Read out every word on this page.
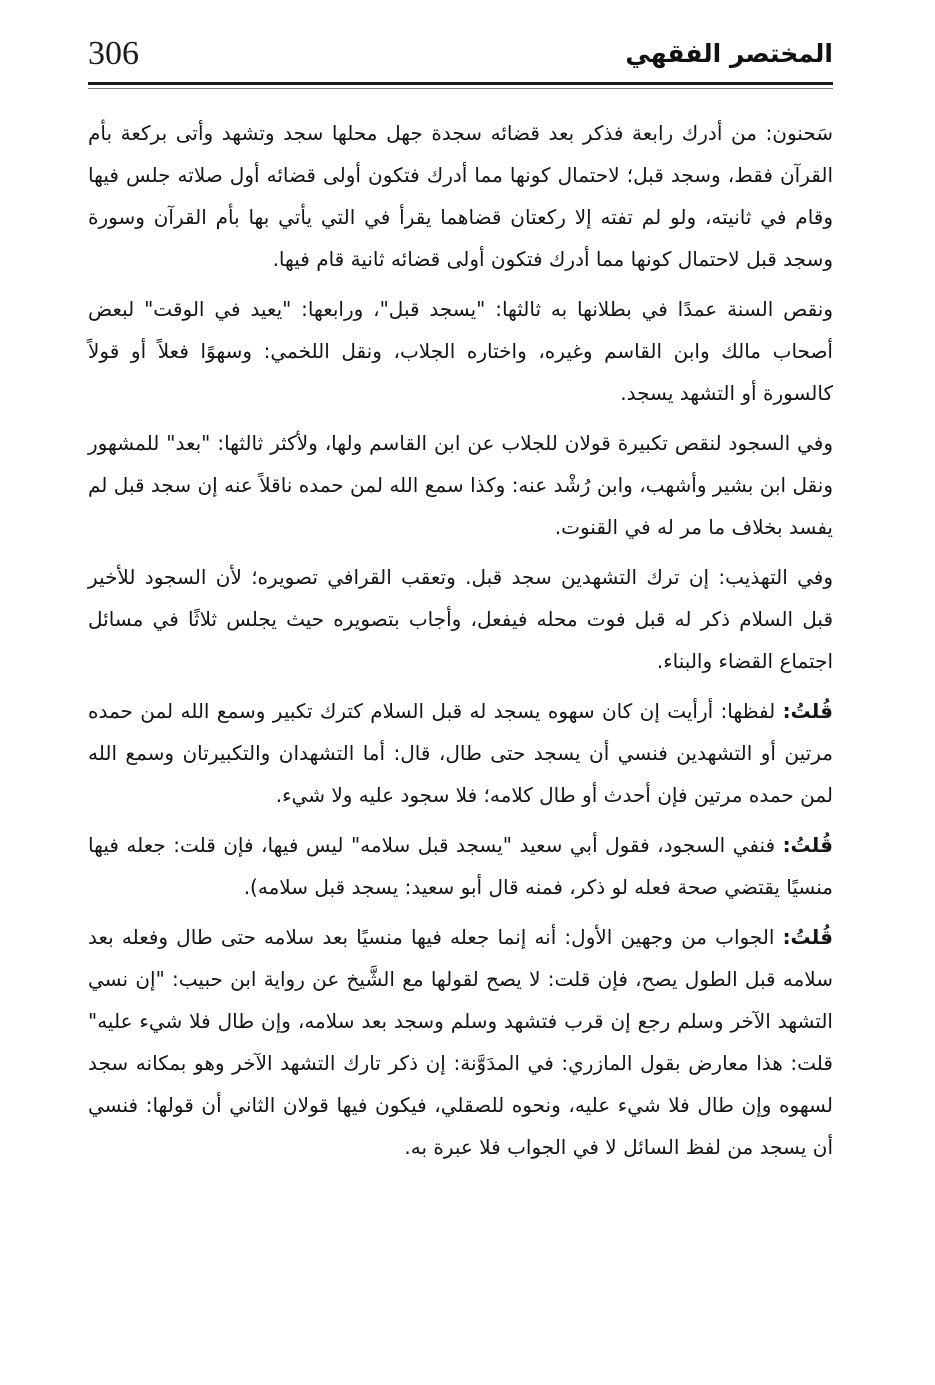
306	المختصر الفقهي

سَحنون: من أدرك رابعة فذكر بعد قضائه سجدة جهل محلها سجد وتشهد وأتى بركعة بأم القرآن فقط، وسجد قبل؛ لاحتمال كونها مما أدرك فتكون أولى قضائه أول صلاته جلس فيها وقام في ثانيته، ولو لم تفته إلا ركعتان قضاهما يقرأ في التي يأتي بها بأم القرآن وسورة وسجد قبل لاحتمال كونها مما أدرك فتكون أولى قضائه ثانية قام فيها.

ونقص السنة عمدًا في بطلانها به ثالثها: "يسجد قبل"، ورابعها: "يعيد في الوقت" لبعض أصحاب مالك وابن القاسم وغيره، واختاره الجلاب، ونقل اللخمي: وسهوًا فعلاً أو قولاً كالسورة أو التشهد يسجد.

وفي السجود لنقص تكبيرة قولان للجلاب عن ابن القاسم ولها، ولأكثر ثالثها: "بعد" للمشهور ونقل ابن بشير وأشهب، وابن رُشْد عنه: وكذا سمع الله لمن حمده ناقلاً عنه إن سجد قبل لم يفسد بخلاف ما مر له في القنوت.

وفي التهذيب: إن ترك التشهدين سجد قبل. وتعقب القرافي تصويره؛ لأن السجود للأخير قبل السلام ذكر له قبل فوت محله فيفعل، وأجاب بتصويره حيث يجلس ثلاثًا في مسائل اجتماع القضاء والبناء.

قُلتُ: لفظها: أرأيت إن كان سهوه يسجد له قبل السلام كترك تكبير وسمع الله لمن حمده مرتين أو التشهدين فنسي أن يسجد حتى طال، قال: أما التشهدان والتكبيرتان وسمع الله لمن حمده مرتين فإن أحدث أو طال كلامه؛ فلا سجود عليه ولا شيء.

قُلتُ: فنفي السجود، فقول أبي سعيد "يسجد قبل سلامه" ليس فيها، فإن قلت: جعله فيها منسيًا يقتضي صحة فعله لو ذكر، فمنه قال أبو سعيد: يسجد قبل سلامه).

قُلتُ: الجواب من وجهين الأول: أنه إنما جعله فيها منسيًا بعد سلامه حتى طال وفعله بعد سلامه قبل الطول يصح، فإن قلت: لا يصح لقولها مع الشَّيخ عن رواية ابن حبيب: "إن نسي التشهد الآخر وسلم رجع إن قرب فتشهد وسلم وسجد بعد سلامه، وإن طال فلا شيء عليه" قلت: هذا معارض بقول المازري: في المدَوَّنة: إن ذكر تارك التشهد الآخر وهو بمكانه سجد لسهوه وإن طال فلا شيء عليه، ونحوه للصقلي، فيكون فيها قولان الثاني أن قولها: فنسي أن يسجد من لفظ السائل لا في الجواب فلا عبرة به.
